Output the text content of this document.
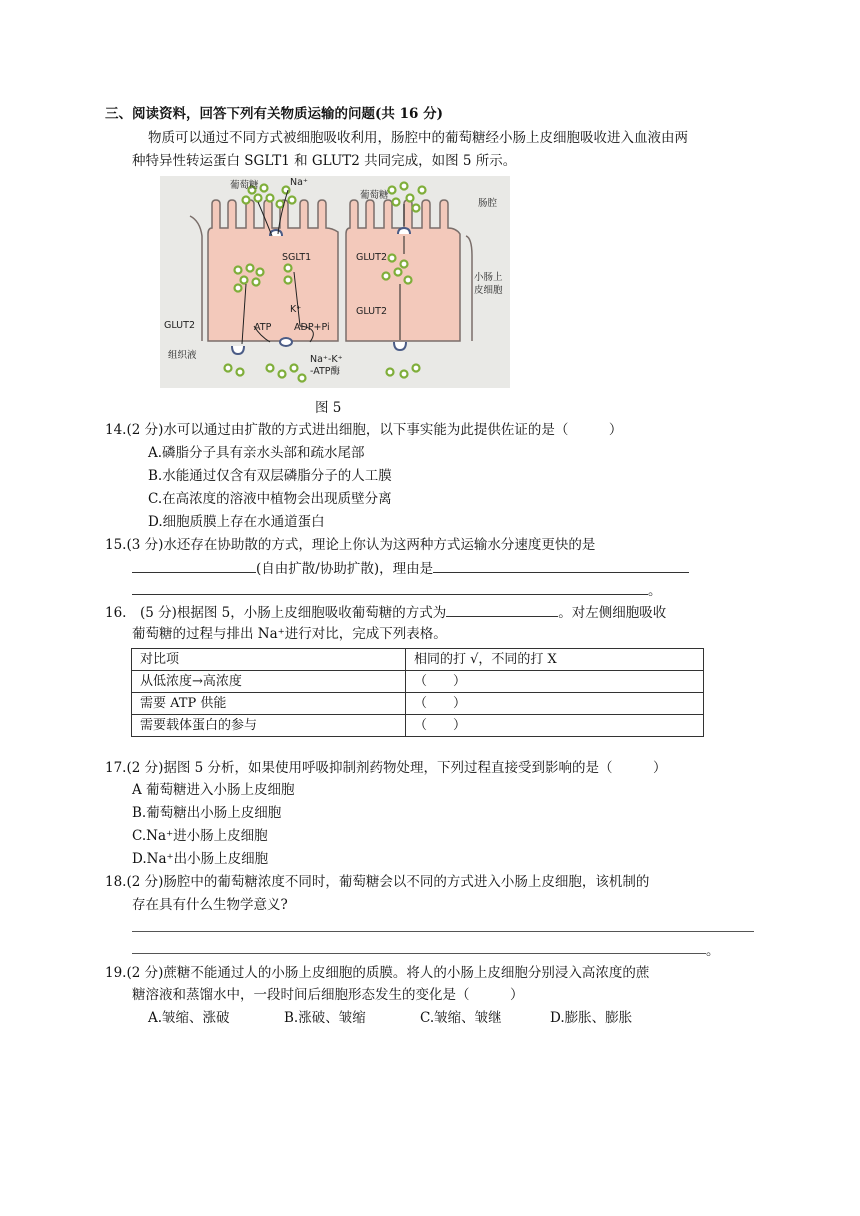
三、阅读资料，回答下列有关物质运输的问题(共 16 分)
物质可以通过不同方式被细胞吸收利用，肠腔中的葡萄糖经小肠上皮细胞吸收进入血液由两
种特异性转运蛋白 SGLT1 和 GLUT2 共同完成，如图 5 所示。
葡萄糖	Na⁺
葡萄糖
肠腔
SGLT1	GLUT2
小肠上
皮细胞
K⁺
ADP+Pi
ATP
GLUT2
GLUT2
组织液	Na⁺-K⁺
-ATP酶
图 5
14.(2 分)水可以通过由扩散的方式进出细胞，以下事实能为此提供佐证的是（　　　）
A.磷脂分子具有亲水头部和疏水尾部
B.水能通过仅含有双层磷脂分子的人工膜
C.在高浓度的溶液中植物会出现质壁分离
D.细胞质膜上存在水通道蛋白
15.(3 分)水还存在协助散的方式，理论上你认为这两种方式运输水分速度更快的是
(自由扩散/协助扩散)，理由是
。
16.　(5 分)根据图 5，小肠上皮细胞吸收葡萄糖的方式为	。对左侧细胞吸收
葡萄糖的过程与排出 Na⁺进行对比，完成下列表格。
对比项	相同的打 √，不同的打 X
从低浓度→高浓度	（　　）
需要 ATP 供能	（　　）
需要载体蛋白的参与	（　　）
17.(2 分)据图 5 分析，如果使用呼吸抑制剂药物处理，下列过程直接受到影响的是（　　　）
A 葡萄糖进入小肠上皮细胞
B.葡萄糖出小肠上皮细胞
C.Na⁺进小肠上皮细胞
D.Na⁺出小肠上皮细胞
18.(2 分)肠腔中的葡萄糖浓度不同时，葡萄糖会以不同的方式进入小肠上皮细胞，该机制的
存在具有什么生物学意义?
。
19.(2 分)蔗糖不能通过人的小肠上皮细胞的质膜。将人的小肠上皮细胞分别浸入高浓度的蔗
糖溶液和蒸馏水中，一段时间后细胞形态发生的变化是（　　　）
A.皱缩、涨破	B.涨破、皱缩	C.皱缩、皱继	D.膨胀、膨胀
